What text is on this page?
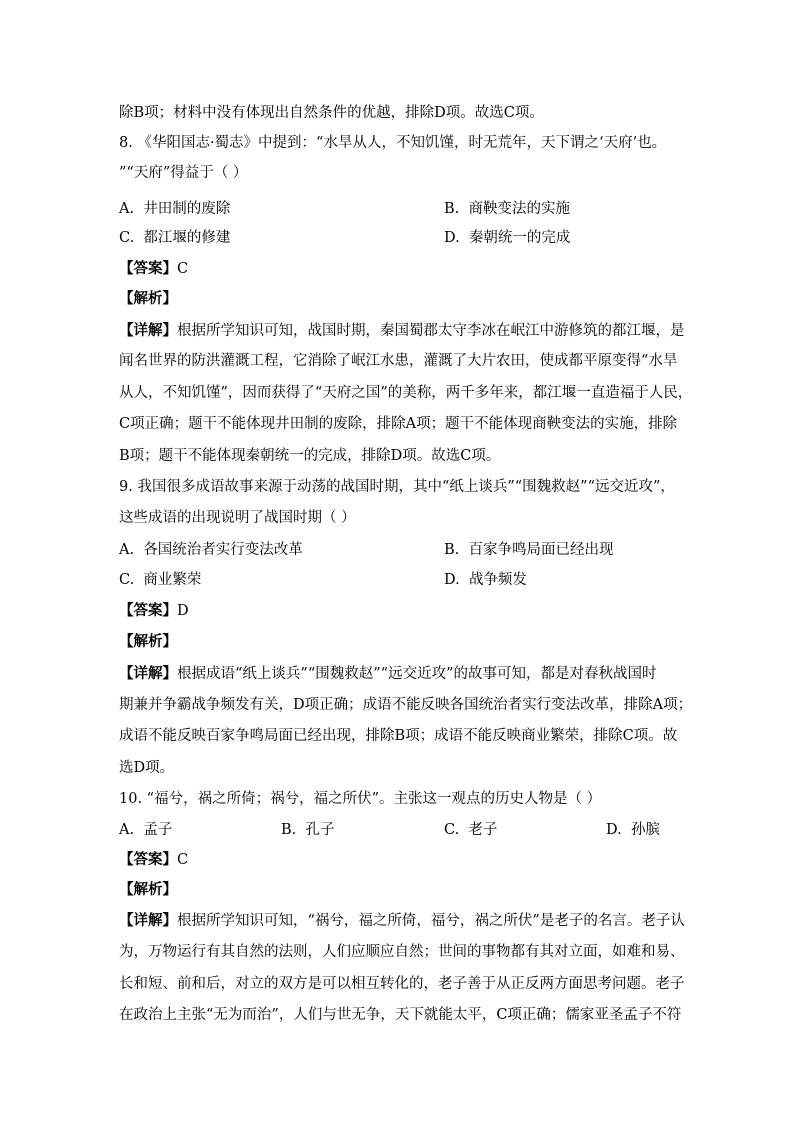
除B项；材料中没有体现出自然条件的优越，排除D项。故选C项。
8. 《华阳国志·蜀志》中提到：“水旱从人，不知饥馑，时无荒年，天下谓之‘天府’也。
”“天府”得益于（ ）
A. 井田制的废除	B. 商鞅变法的实施
C. 都江堰的修建	D. 秦朝统一的完成
【答案】C
【解析】
【详解】根据所学知识可知，战国时期，秦国蜀郡太守李冰在岷江中游修筑的都江堰，是
闻名世界的防洪灌溉工程，它消除了岷江水患，灌溉了大片农田，使成都平原变得“水旱
从人，不知饥馑”，因而获得了“天府之国”的美称，两千多年来，都江堰一直造福于人民，
C项正确；题干不能体现井田制的废除，排除A项；题干不能体现商鞅变法的实施，排除
B项；题干不能体现秦朝统一的完成，排除D项。故选C项。
9. 我国很多成语故事来源于动荡的战国时期，其中“纸上谈兵”“围魏救赵”“远交近攻”，
这些成语的出现说明了战国时期（ ）
A. 各国统治者实行变法改革	B. 百家争鸣局面已经出现
C. 商业繁荣	D. 战争频发
【答案】D
【解析】
【详解】根据成语“纸上谈兵”“围魏救赵”“远交近攻”的故事可知，都是对春秋战国时
期兼并争霸战争频发有关，D项正确；成语不能反映各国统治者实行变法改革，排除A项；
成语不能反映百家争鸣局面已经出现，排除B项；成语不能反映商业繁荣，排除C项。故
选D项。
10. “福兮，祸之所倚；祸兮，福之所伏”。主张这一观点的历史人物是（ ）
A. 孟子	B. 孔子	C. 老子	D. 孙膑
【答案】C
【解析】
【详解】根据所学知识可知，“祸兮，福之所倚，福兮，祸之所伏”是老子的名言。老子认
为，万物运行有其自然的法则，人们应顺应自然；世间的事物都有其对立面，如难和易、
长和短、前和后，对立的双方是可以相互转化的，老子善于从正反两方面思考问题。老子
在政治上主张“无为而治”，人们与世无争，天下就能太平，C项正确；儒家亚圣孟子不符
